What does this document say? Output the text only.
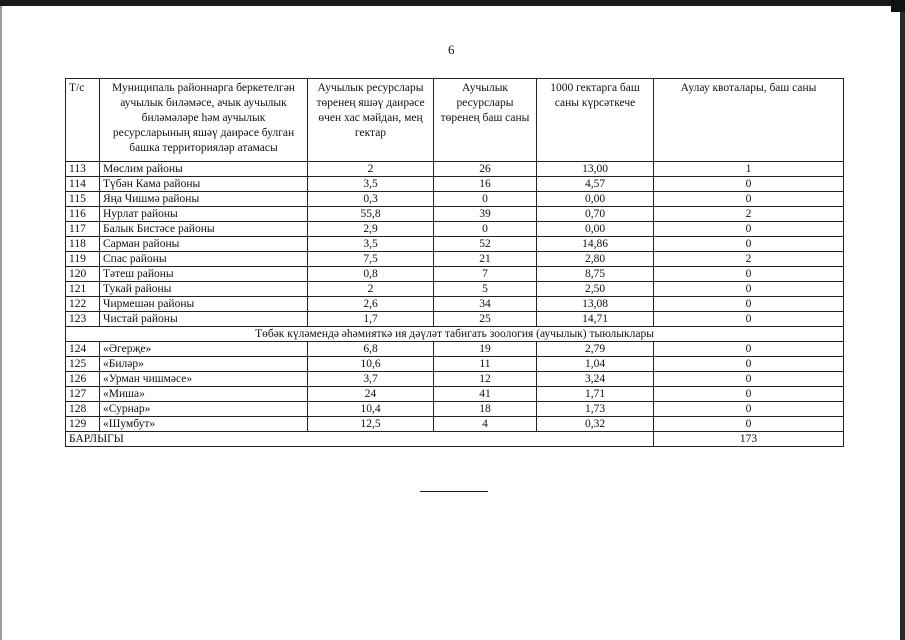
6
Т/с	Муниципаль районнарга беркетелгән аучылык биләмәсе, ачык аучылык биләмәләре һәм аучылык ресурсларының яшәү даирәсе булган башка территорияләр атамасы	Аучылык ресурслары төренең яшәү даирәсе өчен хас мәйдан, мең гектар	Аучылык ресурслары төренең баш саны	1000 гектарга баш саны күрсәткече	Аулау квоталары, баш саны
113	Мөслим районы	2	26	13,00	1
114	Түбән Кама районы	3,5	16	4,57	0
115	Яңа Чишмә районы	0,3	0	0,00	0
116	Нурлат районы	55,8	39	0,70	2
117	Балык Бистәсе районы	2,9	0	0,00	0
118	Сарман районы	3,5	52	14,86	0
119	Спас районы	7,5	21	2,80	2
120	Тәтеш районы	0,8	7	8,75	0
121	Тукай районы	2	5	2,50	0
122	Чирмешән районы	2,6	34	13,08	0
123	Чистай районы	1,7	25	14,71	0
Төбәк күләмендә әһәмияткә ия дәүләт табигать зоология (аучылык) тыюлыклары					
124	«Әгерҗе»	6,8	19	2,79	0
125	«Биләр»	10,6	11	1,04	0
126	«Урман чишмәсе»	3,7	12	3,24	0
127	«Миша»	24	41	1,71	0
128	«Сурнар»	10,4	18	1,73	0
129	«Шумбут»	12,5	4	0,32	0
БАРЛЫГЫ					173
